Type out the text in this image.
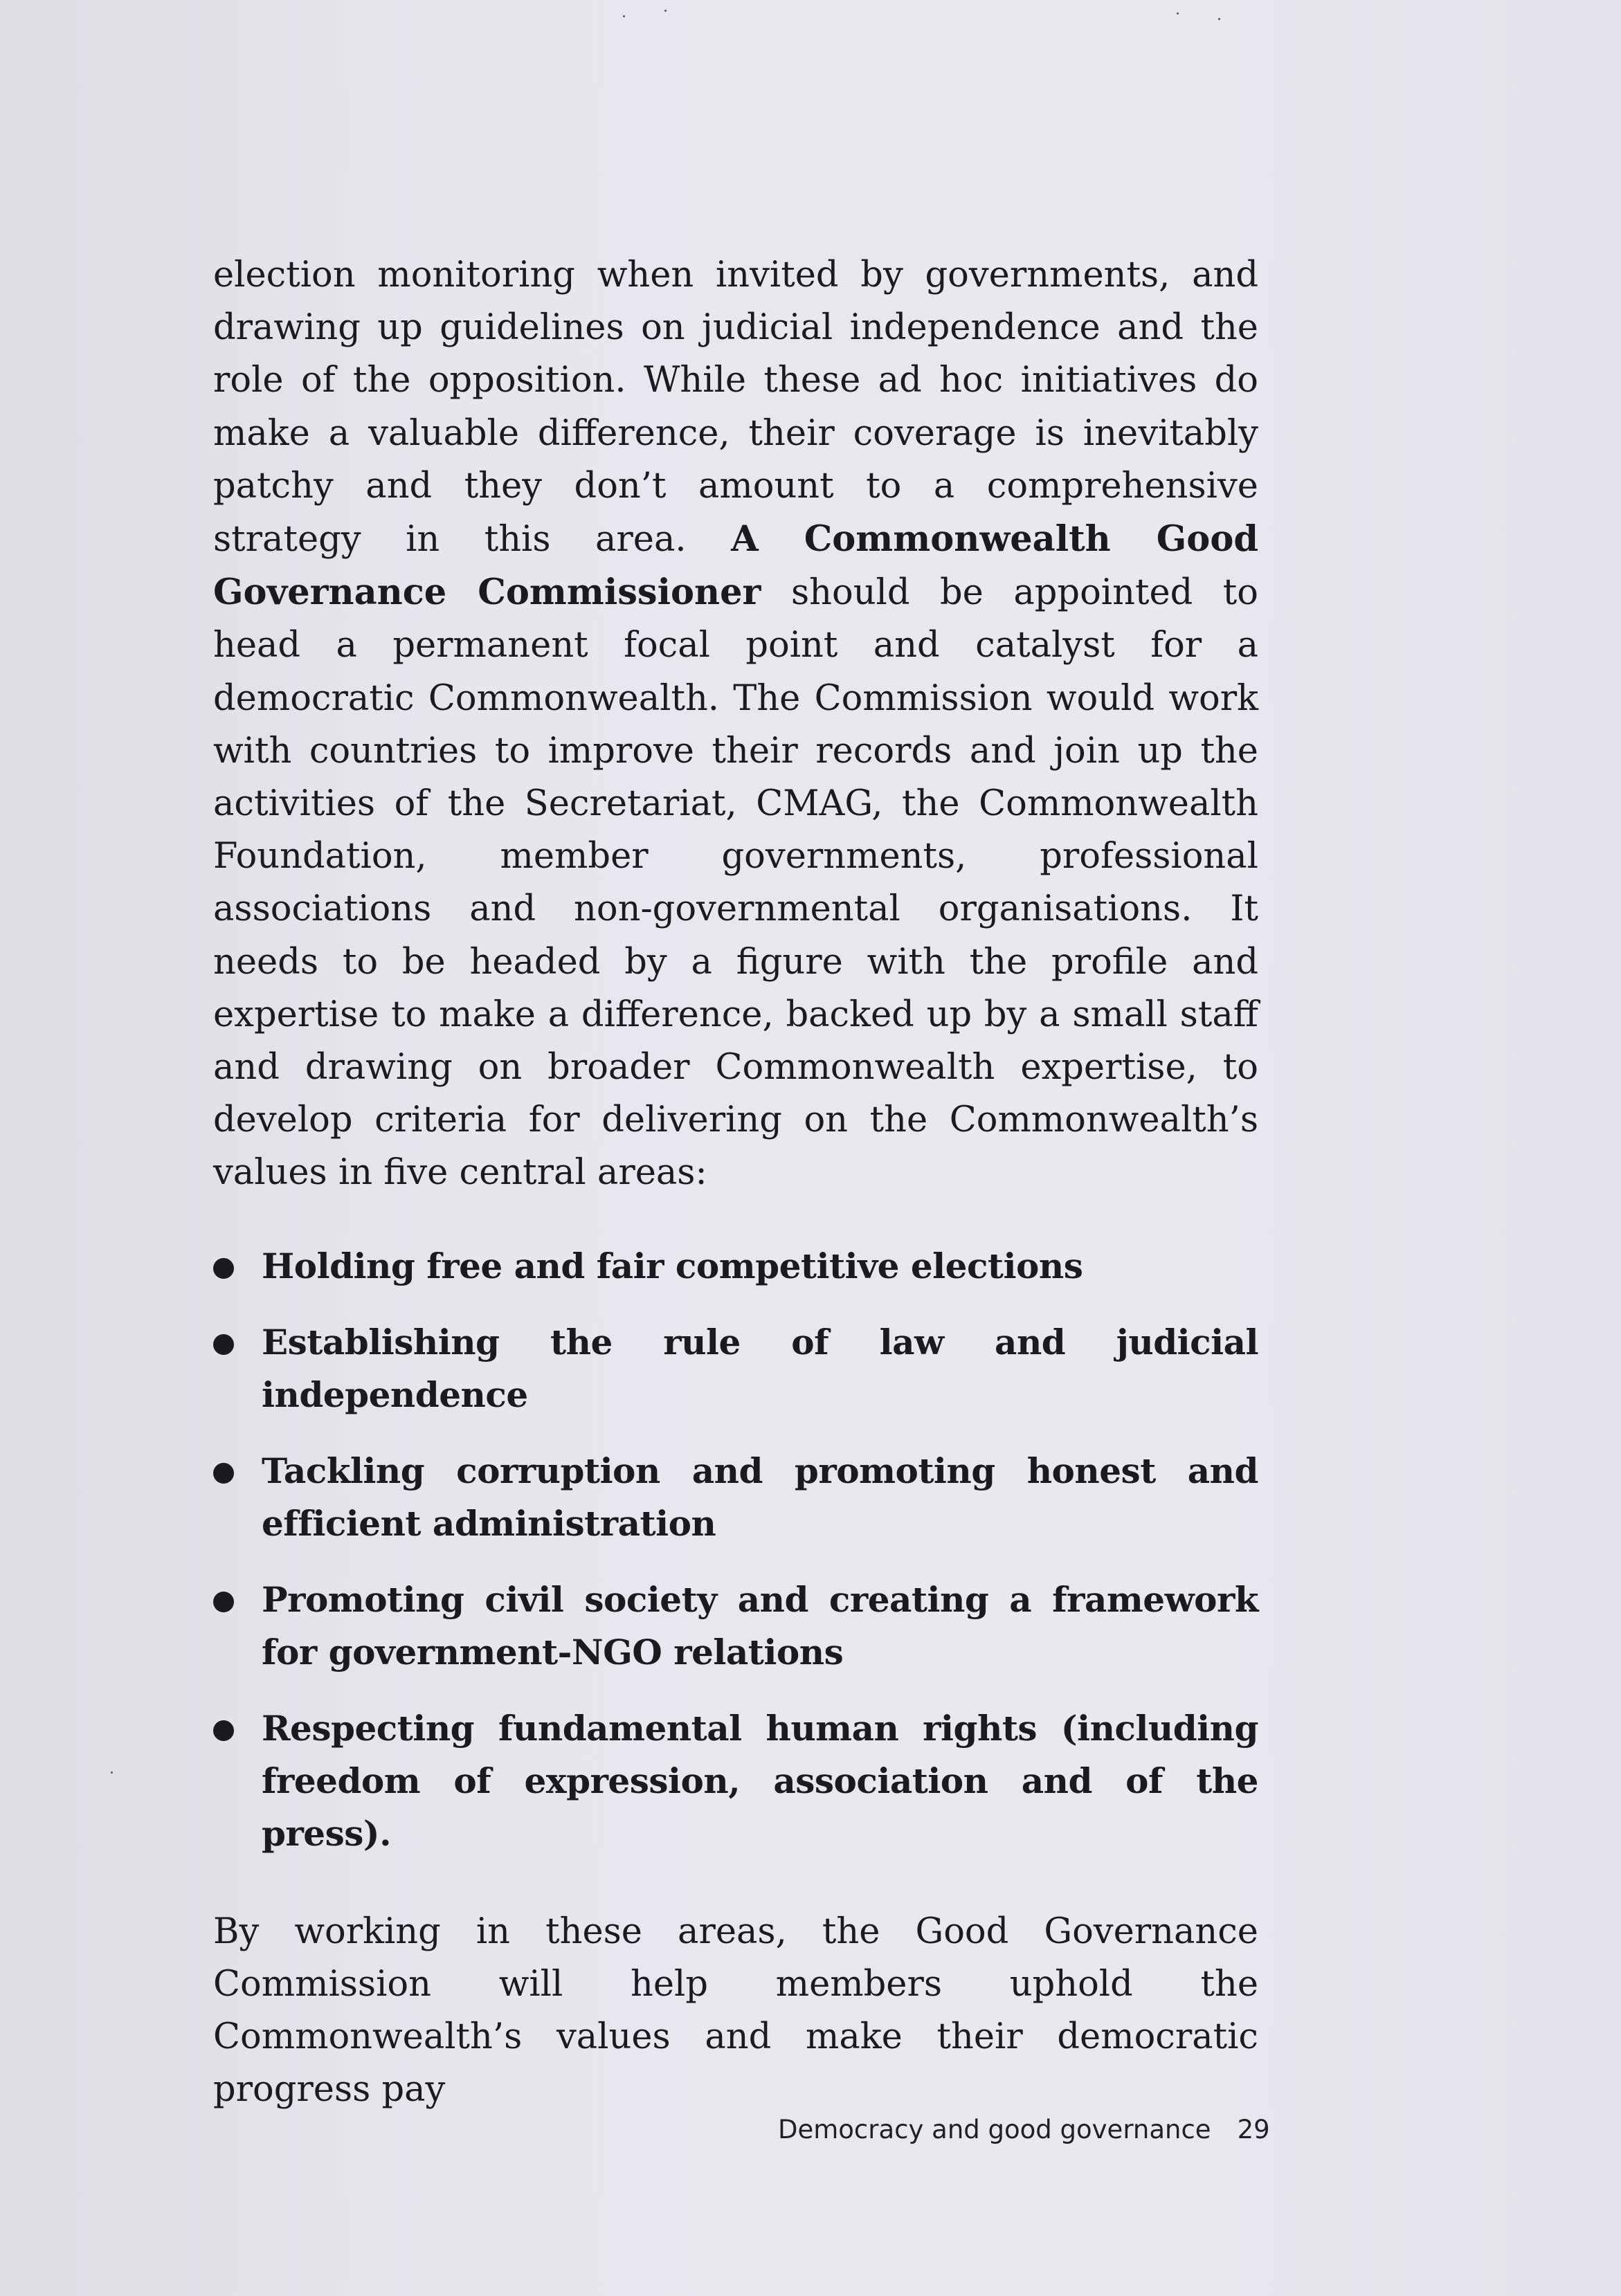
election monitoring when invited by governments, and drawing up guidelines on judicial independence and the role of the opposition. While these ad hoc initiatives do make a valuable difference, their coverage is inevitably patchy and they don’t amount to a comprehensive strategy in this area. A Commonwealth Good Governance Commissioner should be appointed to head a permanent focal point and catalyst for a democratic Commonwealth. The Commission would work with countries to improve their records and join up the activities of the Secretariat, CMAG, the Commonwealth Foundation, member governments, professional associations and non-governmental organisations. It needs to be headed by a figure with the profile and expertise to make a difference, backed up by a small staff and drawing on broader Commonwealth expertise, to develop criteria for delivering on the Commonwealth’s values in five central areas:

Holding free and fair competitive elections
Establishing the rule of law and judicial independence
Tackling corruption and promoting honest and efficient administration
Promoting civil society and creating a framework for government-NGO relations
Respecting fundamental human rights (including freedom of expression, association and of the press).

By working in these areas, the Good Governance Commission will help members uphold the Commonwealth’s values and make their democratic progress pay

Democracy and good governance 29
